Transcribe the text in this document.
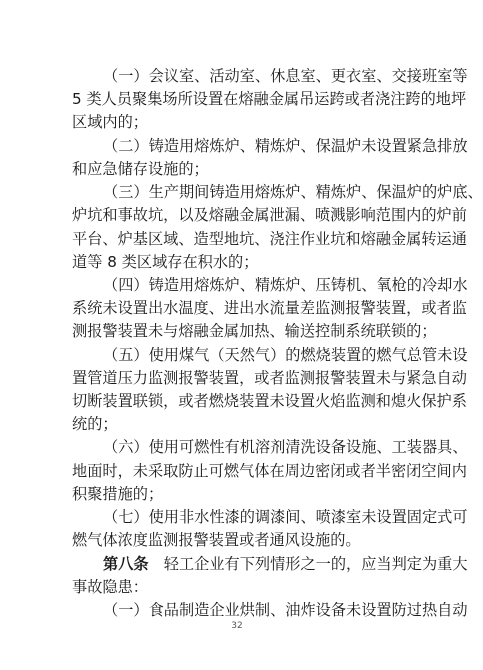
（一）会议室、活动室、休息室、更衣室、交接班室等
5 类人员聚集场所设置在熔融金属吊运跨或者浇注跨的地坪
区域内的；
（二）铸造用熔炼炉、精炼炉、保温炉未设置紧急排放
和应急储存设施的；
（三）生产期间铸造用熔炼炉、精炼炉、保温炉的炉底、
炉坑和事故坑，以及熔融金属泄漏、喷溅影响范围内的炉前
平台、炉基区域、造型地坑、浇注作业坑和熔融金属转运通
道等 8 类区域存在积水的；
（四）铸造用熔炼炉、精炼炉、压铸机、氧枪的冷却水
系统未设置出水温度、进出水流量差监测报警装置，或者监
测报警装置未与熔融金属加热、输送控制系统联锁的；
（五）使用煤气（天然气）的燃烧装置的燃气总管未设
置管道压力监测报警装置，或者监测报警装置未与紧急自动
切断装置联锁，或者燃烧装置未设置火焰监测和熄火保护系
统的；
（六）使用可燃性有机溶剂清洗设备设施、工装器具、
地面时，未采取防止可燃气体在周边密闭或者半密闭空间内
积聚措施的；
（七）使用非水性漆的调漆间、喷漆室未设置固定式可
燃气体浓度监测报警装置或者通风设施的。
第八条　轻工企业有下列情形之一的，应当判定为重大
事故隐患：
（一）食品制造企业烘制、油炸设备未设置防过热自动
32
